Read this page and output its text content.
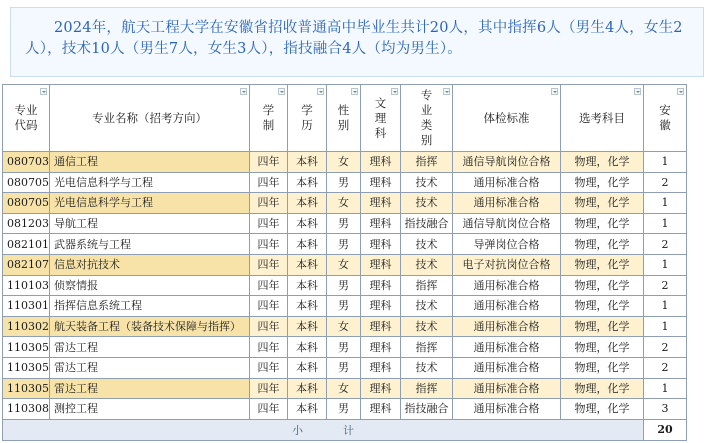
2024年，航天工程大学在安徽省招收普通高中毕业生共计20人，其中指挥6人（男生4人，女生2人），技术10人（男生7人，女生3人），指技融合4人（均为男生）。
专业代码	专业名称（招考方向）	学制	学历	性别	文理科	专业类别	体检标准	选考科目	安徽

080703	通信工程	四年	本科	女	理科	指挥	通信导航岗位合格	物理，化学	1
080705	光电信息科学与工程	四年	本科	男	理科	技术	通用标准合格	物理，化学	2
080705	光电信息科学与工程	四年	本科	女	理科	技术	通用标准合格	物理，化学	1
081203	导航工程	四年	本科	男	理科	指技融合	通信导航岗位合格	物理，化学	1
082101	武器系统与工程	四年	本科	男	理科	技术	导弹岗位合格	物理，化学	2
082107	信息对抗技术	四年	本科	女	理科	技术	电子对抗岗位合格	物理，化学	1
110103	侦察情报	四年	本科	男	理科	指挥	通用标准合格	物理，化学	2
110301	指挥信息系统工程	四年	本科	男	理科	技术	通用标准合格	物理，化学	1
110302	航天装备工程（装备技术保障与指挥）	四年	本科	女	理科	技术	通用标准合格	物理，化学	1
110305	雷达工程	四年	本科	男	理科	指挥	通用标准合格	物理，化学	2
110305	雷达工程	四年	本科	男	理科	技术	通用标准合格	物理，化学	2
110305	雷达工程	四年	本科	女	理科	指挥	通用标准合格	物理，化学	1
110308	测控工程	四年	本科	男	理科	指技融合	通用标准合格	物理，化学	3
小计									20
